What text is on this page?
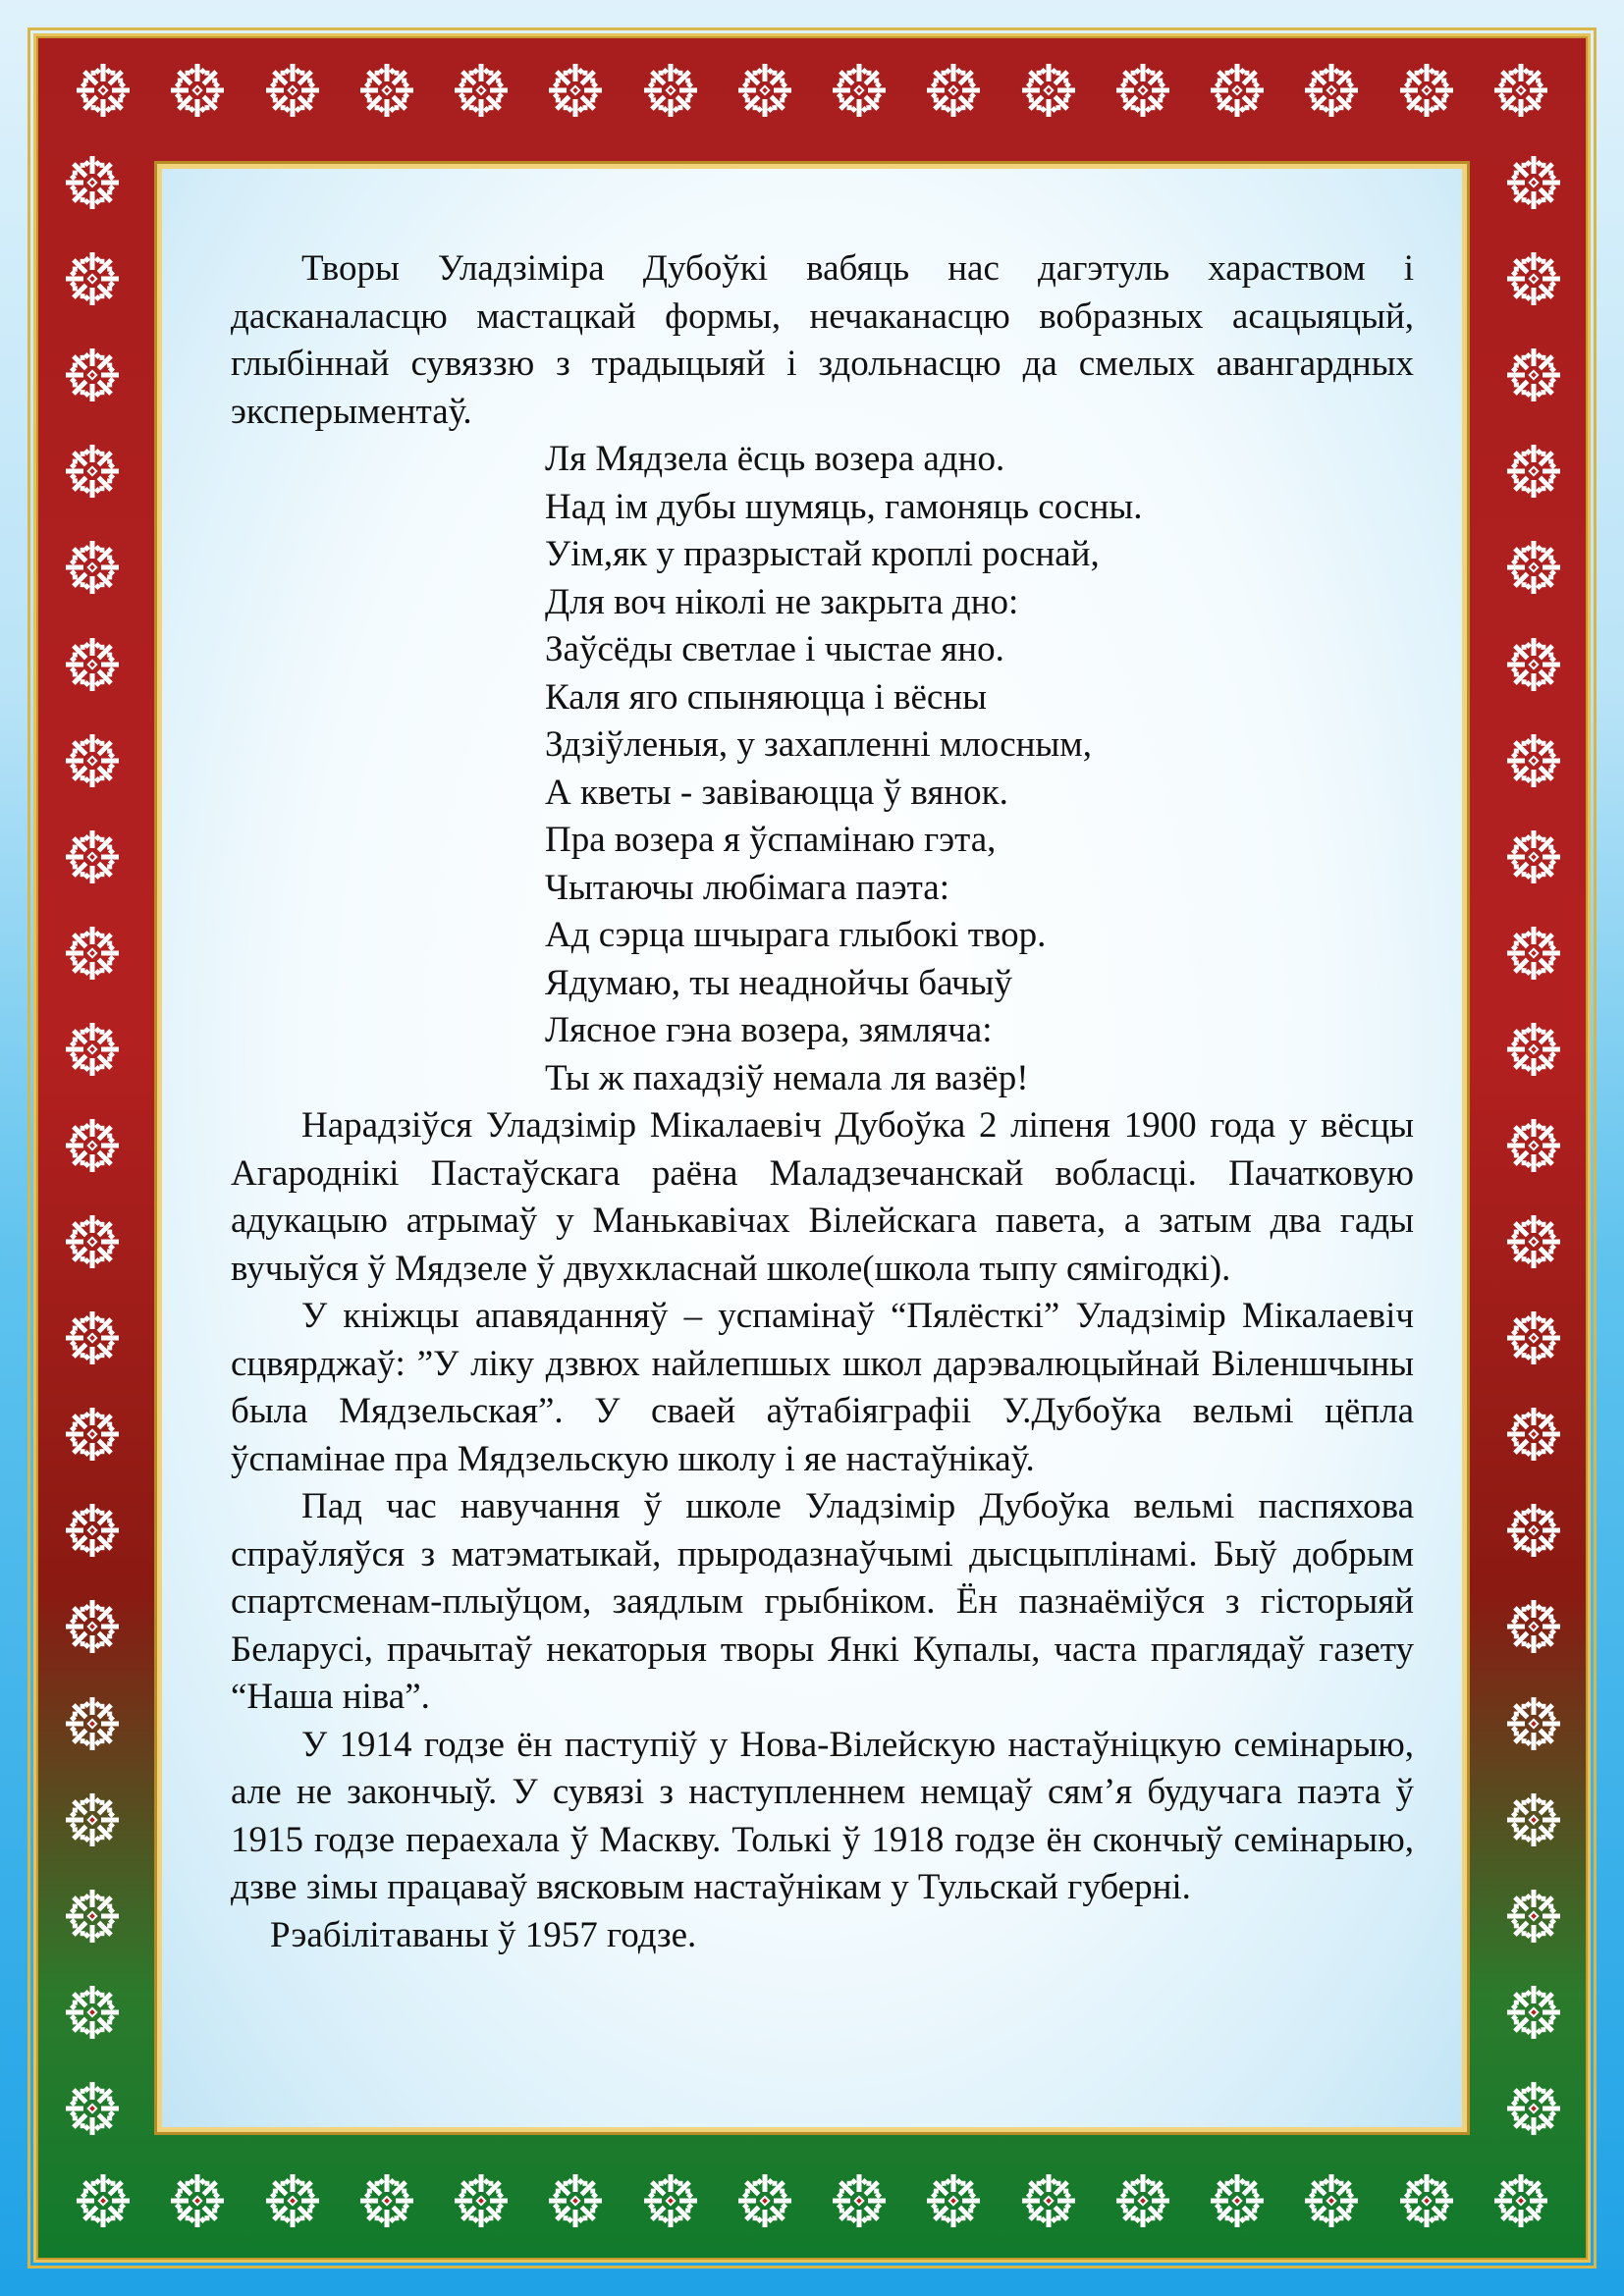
Творы Уладзіміра Дубоўкі вабяць нас дагэтуль хараством і дасканаласцю мастацкай формы, нечаканасцю вобразных асацыяцый, глыбіннай сувяззю з традыцыяй і здольнасцю да смелых авангардных эксперыментаў.

Ля Мядзела ёсць возера адно.
Над ім дубы шумяць, гамоняць сосны.
Уім,як у празрыстай кроплі роснай,
Для воч ніколі не закрыта дно:
Заўсёды светлае і чыстае яно.
Каля яго спыняюцца і вёсны
Здзіўленыя, у захапленні млосным,
А кветы - завіваюцца ў вянок.
Пра возера я ўспамінаю гэта,
Чытаючы любімага паэта:
Ад сэрца шчырага глыбокі твор.
Ядумаю, ты неаднойчы бачыў
Лясное гэна возера, зямляча:
Ты ж пахадзіў немала ля вазёр!

Нарадзіўся Уладзімір Мікалаевіч Дубоўка 2 ліпеня 1900 года у вёсцы Агароднікі Пастаўскага раёна Маладзечанскай вобласці. Пачатковую адукацыю атрымаў у Манькавічах Вілейскага павета, а затым два гады вучыўся ў Мядзеле ў двухкласнай школе(школа тыпу сямігодкі).

У кніжцы апавяданняў – успамінаў “Пялёсткі” Уладзімір Мікалаевіч сцвярджаў: ”У ліку дзвюх найлепшых школ дарэвалюцыйнай Віленшчыны была Мядзельская”. У сваей аўтабіяграфіі У.Дубоўка вельмі цёпла ўспамінае пра Мядзельскую школу і яе настаўнікаў.

Пад час навучання ў школе Уладзімір Дубоўка вельмі паспяхова спраўляўся з матэматыкай, прыродазнаўчымі дысцыплінамі. Быў добрым спартсменам-плыўцом, заядлым грыбніком. Ён пазнаёміўся з гісторыяй Беларусі, прачытаў некаторыя творы Янкі Купалы, часта праглядаў газету “Наша ніва”.

У 1914 годзе ён паступіў у Нова-Вілейскую настаўніцкую семінарыю, але не закончыў. У сувязі з наступленнем немцаў сям’я будучага паэта ў 1915 годзе пераехала ў Маскву. Толькі ў 1918 годзе ён скончыў семінарыю, дзве зімы працаваў вясковым настаўнікам у Тульскай губерні.

Рэабілітаваны ў 1957 годзе.
